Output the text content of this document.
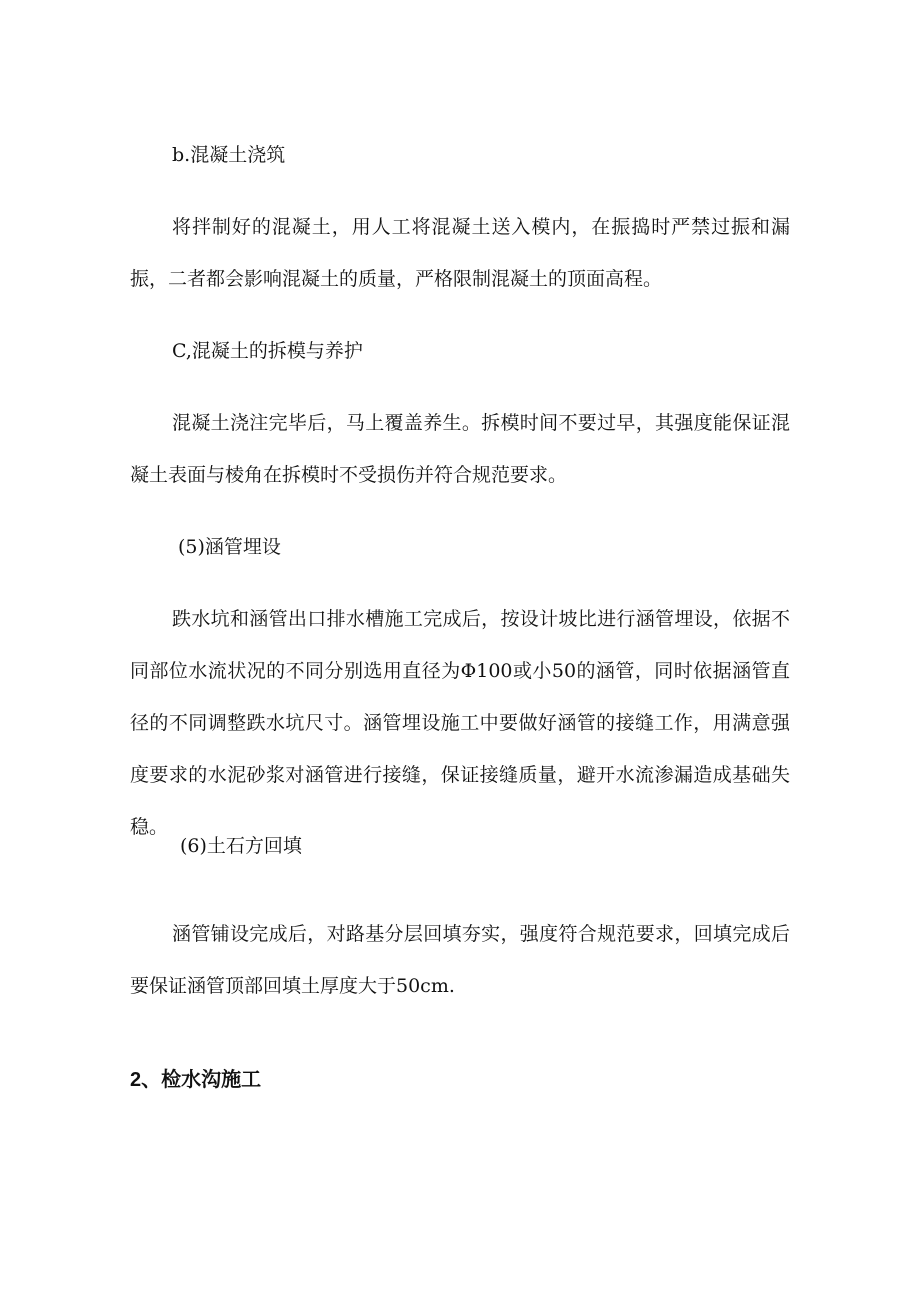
b.混凝土浇筑

将拌制好的混凝土，用人工将混凝土送入模内，在振捣时严禁过振和漏振，二者都会影响混凝土的质量，严格限制混凝土的顶面高程。

C,混凝土的拆模与养护

混凝土浇注完毕后，马上覆盖养生。拆模时间不要过早，其强度能保证混凝土表面与棱角在拆模时不受损伤并符合规范要求。

(5)涵管埋设

跌水坑和涵管出口排水槽施工完成后，按设计坡比进行涵管埋设，依据不同部位水流状况的不同分别选用直径为Φ100或小50的涵管，同时依据涵管直径的不同调整跌水坑尺寸。涵管埋设施工中要做好涵管的接缝工作，用满意强度要求的水泥砂浆对涵管进行接缝，保证接缝质量，避开水流渗漏造成基础失稳。

(6)土石方回填

涵管铺设完成后，对路基分层回填夯实，强度符合规范要求，回填完成后要保证涵管顶部回填土厚度大于50cm.

2、检水沟施工
